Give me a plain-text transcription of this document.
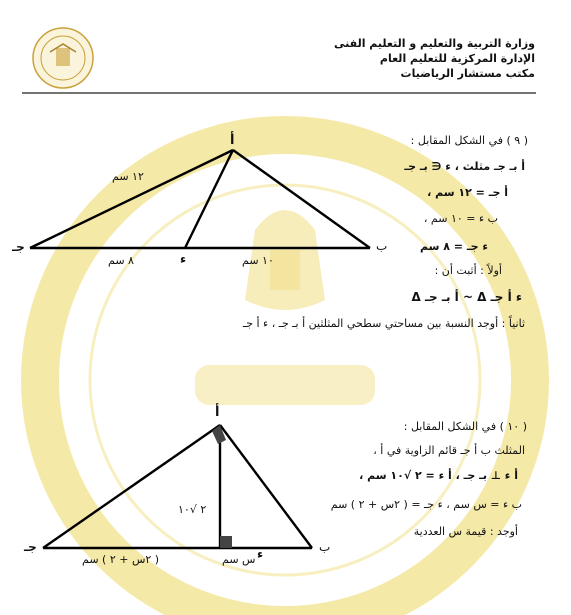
وزارة التربية والتعليم و التعليم الفنى
الإدارة المركزية للتعليم العام
مكتب مستشار الرياضيات
أ
ب
جـ
ء
١٢ سم
٨ سم	١٠ سم
( ٩ ) في الشكل المقابل :
أ بـ جـ مثلث ، ء ∈ بـ جـ
أ جـ = ١٢ سم ،
ب ء = ١٠ سم ،
ء جـ = ٨ سم
أولاً : أثبت أن :
Δ أ بـ جـ ~ Δ ء أ جـ
ثانياً : أوجد النسبة بين مساحتي سطحي المثلثين أ بـ جـ ، ء أ جـ
أ
ب
جـ	ء
٢ √١٠
س سم
( ٢س + ٢ ) سم
( ١٠ ) في الشكل المقابل :
المثلث ب أ جـ قائم الزاوية في أ ،
أ ء ⊥ بـ جـ ، أ ء = ٢ √١٠ سم ،
ب ء = س سم ، ء جـ = ( ٢س + ٢ ) سم
أوجد : قيمة س العددية
